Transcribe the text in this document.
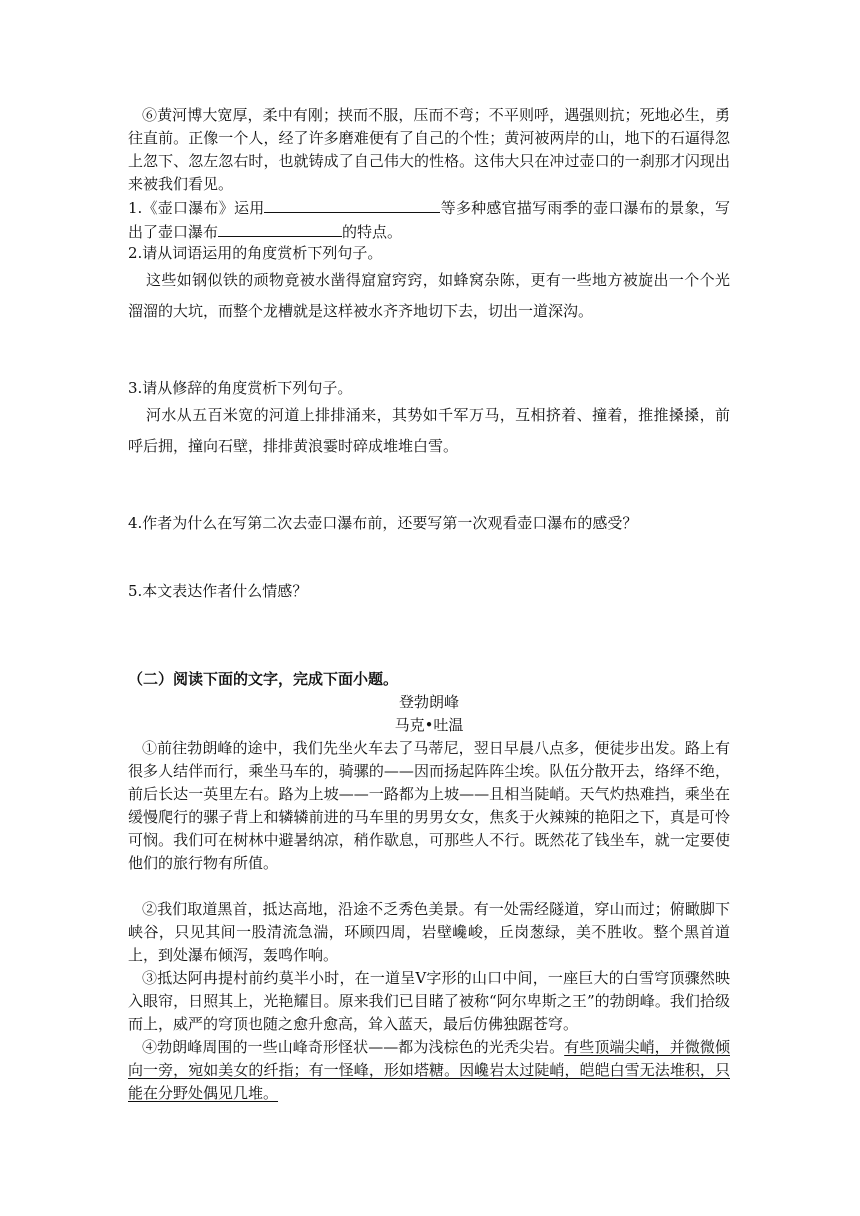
⑥黄河博大宽厚，柔中有刚；挟而不服，压而不弯；不平则呼，遇强则抗；死地必生，勇往直前。正像一个人，经了许多磨难便有了自己的个性；黄河被两岸的山，地下的石逼得忽上忽下、忽左忽右时，也就铸成了自己伟大的性格。这伟大只在冲过壶口的一刹那才闪现出来被我们看见。
1.《壶口瀑布》运用	等多种感官描写雨季的壶口瀑布的景象，写出了壶口瀑布	的特点。
2.请从词语运用的角度赏析下列句子。
这些如钢似铁的顽物竟被水凿得窟窟窍窍，如蜂窝杂陈，更有一些地方被旋出一个个光溜溜的大坑，而整个龙槽就是这样被水齐齐地切下去，切出一道深沟。
3.请从修辞的角度赏析下列句子。
河水从五百米宽的河道上排排涌来，其势如千军万马，互相挤着、撞着，推推搡搡，前呼后拥，撞向石壁，排排黄浪霎时碎成堆堆白雪。
4.作者为什么在写第二次去壶口瀑布前，还要写第一次观看壶口瀑布的感受？
5.本文表达作者什么情感？
（二）阅读下面的文字，完成下面小题。
登勃朗峰
马克•吐温
①前往勃朗峰的途中，我们先坐火车去了马蒂尼，翌日早晨八点多，便徒步出发。路上有很多人结伴而行，乘坐马车的，骑骡的——因而扬起阵阵尘埃。队伍分散开去，络绎不绝，前后长达一英里左右。路为上坡——一路都为上坡——且相当陡峭。天气灼热难挡，乘坐在缓慢爬行的骡子背上和辚辚前进的马车里的男男女女，焦炙于火辣辣的艳阳之下，真是可怜可悯。我们可在树林中避暑纳凉，稍作歇息，可那些人不行。既然花了钱坐车，就一定要使他们的旅行物有所值。
②我们取道黑首，抵达高地，沿途不乏秀色美景。有一处需经隧道，穿山而过；俯瞰脚下峡谷，只见其间一股清流急湍，环顾四周，岩壁巉峻，丘岗葱绿，美不胜收。整个黑首道上，到处瀑布倾泻，轰鸣作响。
③抵达阿冉提村前约莫半小时，在一道呈V字形的山口中间，一座巨大的白雪穹顶骤然映入眼帘，日照其上，光艳耀目。原来我们已目睹了被称“阿尔卑斯之王”的勃朗峰。我们拾级而上，威严的穹顶也随之愈升愈高，耸入蓝天，最后仿佛独踞苍穹。
④勃朗峰周围的一些山峰奇形怪状——都为浅棕色的光秃尖岩。有些顶端尖峭，并微微倾向一旁，宛如美女的纤指；有一怪峰，形如塔糖。因巉岩太过陡峭，皑皑白雪无法堆积，只能在分野处偶见几堆。
